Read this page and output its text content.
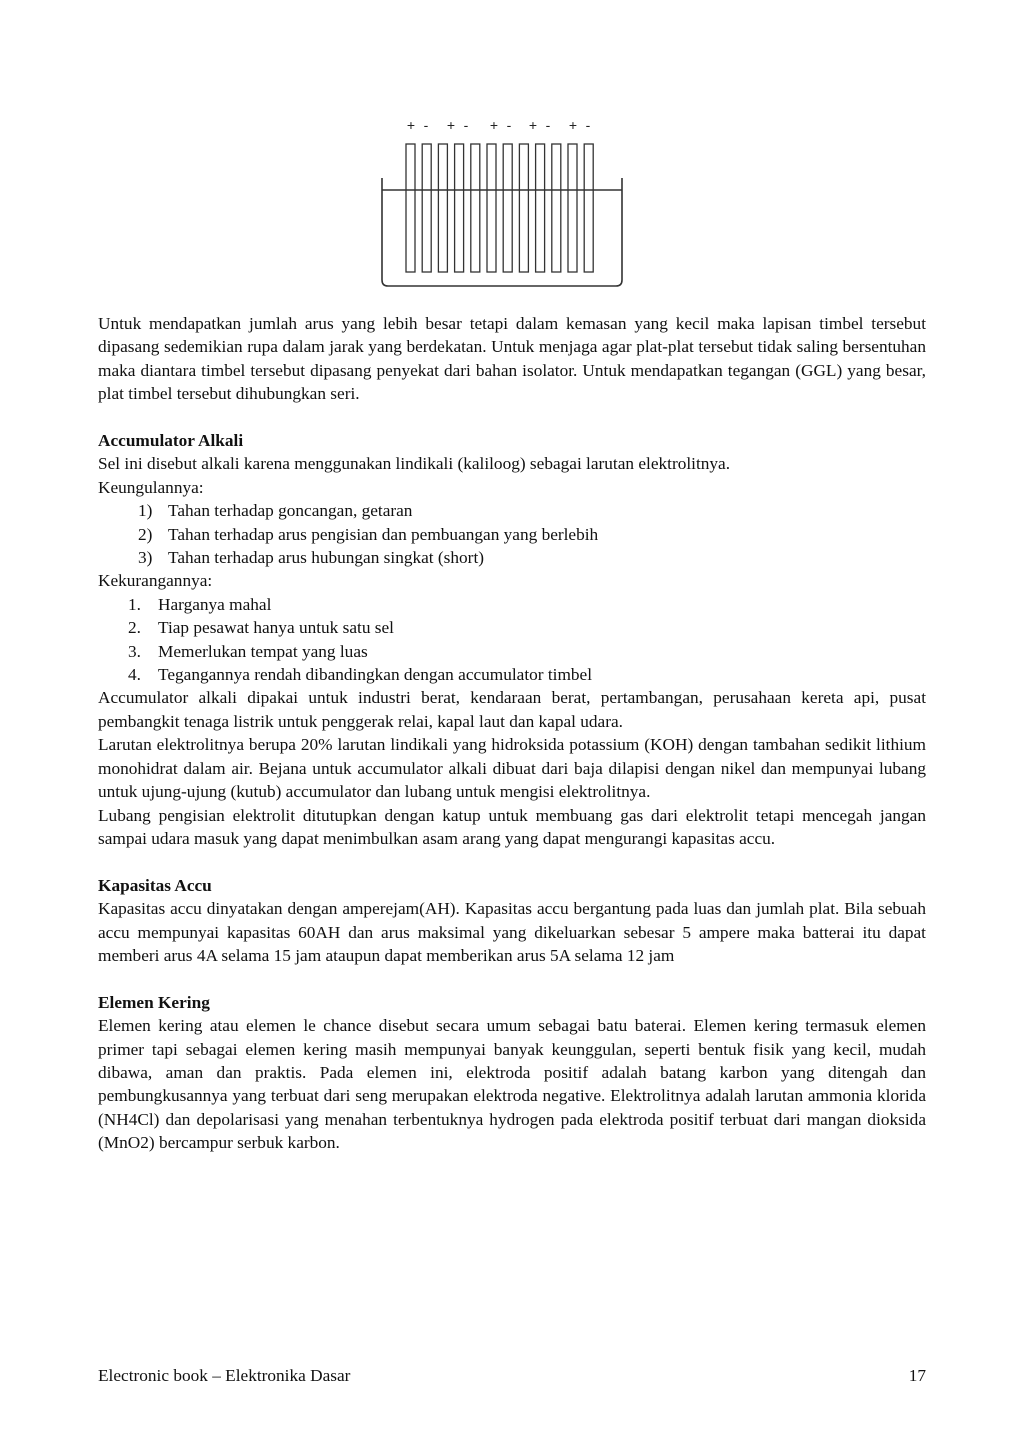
+ - + - + - + - + -

Untuk mendapatkan jumlah arus yang lebih besar tetapi dalam kemasan yang kecil maka lapisan timbel tersebut dipasang sedemikian rupa dalam jarak yang berdekatan. Untuk menjaga agar plat-plat tersebut tidak saling bersentuhan maka diantara timbel tersebut dipasang penyekat dari bahan isolator. Untuk mendapatkan tegangan (GGL) yang besar, plat timbel tersebut dihubungkan seri.

Accumulator Alkali

Sel ini disebut alkali karena menggunakan lindikali (kaliloog) sebagai larutan elektrolitnya.

Keungulannya:

1) Tahan terhadap goncangan, getaran
2) Tahan terhadap arus pengisian dan pembuangan yang berlebih
3) Tahan terhadap arus hubungan singkat (short)

Kekurangannya:

1. Harganya mahal
2. Tiap pesawat hanya untuk satu sel
3. Memerlukan tempat yang luas
4. Tegangannya rendah dibandingkan dengan accumulator timbel

Accumulator alkali dipakai untuk industri berat, kendaraan berat, pertambangan, perusahaan kereta api, pusat pembangkit tenaga listrik untuk penggerak relai, kapal laut dan kapal udara.

Larutan elektrolitnya berupa 20% larutan lindikali yang hidroksida potassium (KOH) dengan tambahan sedikit lithium monohidrat dalam air. Bejana untuk accumulator alkali dibuat dari baja dilapisi dengan nikel dan mempunyai lubang untuk ujung-ujung (kutub) accumulator dan lubang untuk mengisi elektrolitnya.

Lubang pengisian elektrolit ditutupkan dengan katup untuk membuang gas dari elektrolit tetapi mencegah jangan sampai udara masuk yang dapat menimbulkan asam arang yang dapat mengurangi kapasitas accu.

Kapasitas Accu

Kapasitas accu dinyatakan dengan amperejam(AH). Kapasitas accu bergantung pada luas dan jumlah plat. Bila sebuah accu mempunyai kapasitas 60AH dan arus maksimal yang dikeluarkan sebesar 5 ampere maka batterai itu dapat memberi arus 4A selama 15 jam ataupun dapat memberikan arus 5A selama 12 jam

Elemen Kering

Elemen kering atau elemen le chance disebut secara umum sebagai batu baterai. Elemen kering termasuk elemen primer tapi sebagai elemen kering masih mempunyai banyak keunggulan, seperti bentuk fisik yang kecil, mudah dibawa, aman dan praktis. Pada elemen ini, elektroda positif adalah batang karbon yang ditengah dan pembungkusannya yang terbuat dari seng merupakan elektroda negative. Elektrolitnya adalah larutan ammonia klorida (NH4Cl) dan depolarisasi yang menahan terbentuknya hydrogen pada elektroda positif terbuat dari mangan dioksida (MnO2) bercampur serbuk karbon.

Electronic book – Elektronika Dasar	17
